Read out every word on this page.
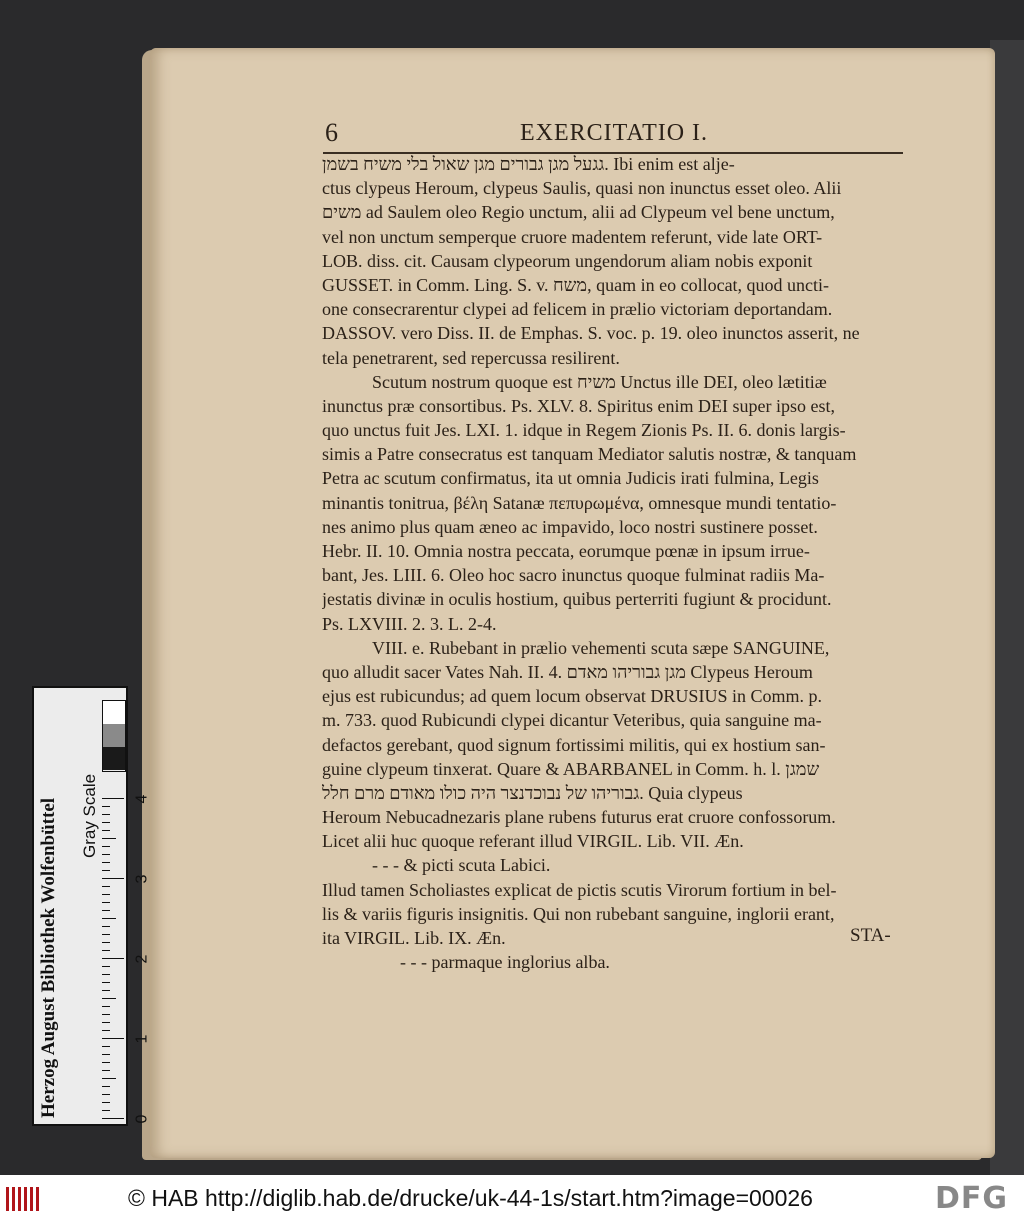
6	EXERCITATIO I.
גגעל מגן גבורים מגן שאול בלי משיח בשמן. Ibi enim est alje-
ctus clypeus Heroum, clypeus Saulis, quasi non inunctus esset oleo. Alii
משים ad Saulem oleo Regio unctum, alii ad Clypeum vel bene unctum,
vel non unctum semperque cruore madentem referunt, vide late ORT-
LOB. diss. cit. Causam clypeorum ungendorum aliam nobis exponit
GUSSET. in Comm. Ling. S. v. משח, quam in eo collocat, quod uncti-
one consecrarentur clypei ad felicem in prælio victoriam deportandam.
DASSOV. vero Diss. II. de Emphas. S. voc. p. 19. oleo inunctos asserit, ne
tela penetrarent, sed repercussa resilirent.
Scutum nostrum quoque est משיח Unctus ille DEI, oleo lætitiæ
inunctus præ consortibus. Ps. XLV. 8. Spiritus enim DEI super ipso est,
quo unctus fuit Jes. LXI. 1. idque in Regem Zionis Ps. II. 6. donis largis-
simis a Patre consecratus est tanquam Mediator salutis nostræ, & tanquam
Petra ac scutum confirmatus, ita ut omnia Judicis irati fulmina, Legis
minantis tonitrua, βέλη Satanæ πεπυρωμένα, omnesque mundi tentatio-
nes animo plus quam æneo ac impavido, loco nostri sustinere posset.
Hebr. II. 10. Omnia nostra peccata, eorumque pœnæ in ipsum irrue-
bant, Jes. LIII. 6. Oleo hoc sacro inunctus quoque fulminat radiis Ma-
jestatis divinæ in oculis hostium, quibus perterriti fugiunt & procidunt.
Ps. LXVIII. 2. 3. L. 2-4.
VIII. e. Rubebant in prælio vehementi scuta sæpe SANGUINE,
quo alludit sacer Vates Nah. II. 4. מגן גבוריהו מאדם Clypeus Heroum
ejus est rubicundus; ad quem locum observat DRUSIUS in Comm. p.
m. 733. quod Rubicundi clypei dicantur Veteribus, quia sanguine ma-
defactos gerebant, quod signum fortissimi militis, qui ex hostium san-
guine clypeum tinxerat. Quare & ABARBANEL in Comm. h. l. שמגן
גבוריהו של נבוכדנצר היה כולו מאודם מרם חלל. Quia clypeus
Heroum Nebucadnezaris plane rubens futurus erat cruore confossorum.
Licet alii huc quoque referant illud VIRGIL. Lib. VII. Æn.
- - - & picti scuta Labici.
Illud tamen Scholiastes explicat de pictis scutis Virorum fortium in bel-
lis & variis figuris insignitis. Qui non rubebant sanguine, inglorii erant,
ita VIRGIL. Lib. IX. Æn.
- - - parmaque inglorius alba.
STA-
Herzog August Bibliothek Wolfenbüttel	Gray Scale
0
1
2
3
4
© HAB http://diglib.hab.de/drucke/uk-44-1s/start.htm?image=00026	DFG
